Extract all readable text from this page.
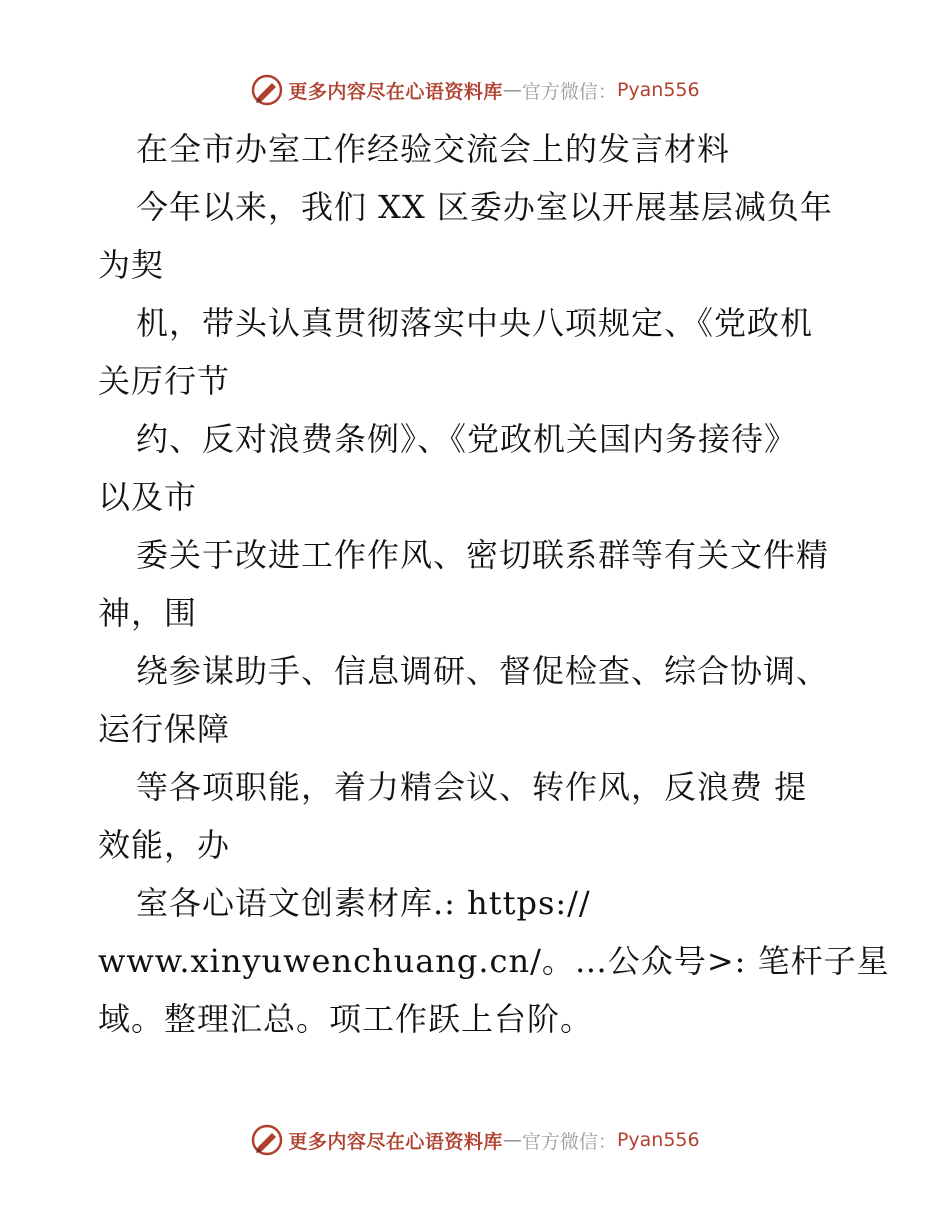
更多内容尽在心语资料库 — 官方微信： Pyan556
在全市办室工作经验交流会上的发言材料
今年以来，我们 XX 区委办室以开展基层减负年
为契
机，带头认真贯彻落实中央八项规定、《党政机
关厉行节
约、反对浪费条例》、《党政机关国内务接待》
以及市
委关于改进工作作风、密切联系群等有关文件精
神，围
绕参谋助手、信息调研、督促检查、综合协调、
运行保障
等各项职能，着力精会议、转作风，反浪费 提
效能，办
室各心语文创素材库.: https://
www.xinyuwenchuang.cn/。…公众号>: 笔杆子星
域。整理汇总。项工作跃上台阶。
更多内容尽在心语资料库 — 官方微信： Pyan556
